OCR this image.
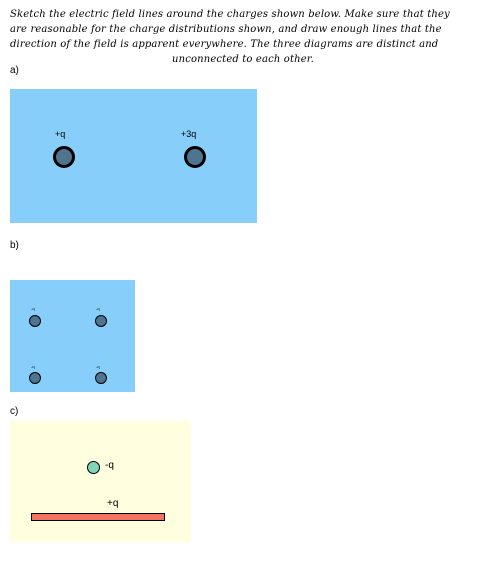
Sketch the electric field lines around the charges shown below. Make sure that they
are reasonable for the charge distributions shown, and draw enough lines that the
direction of the field is apparent everywhere. The three diagrams are distinct and
unconnected to each other.
a)
+q	+3q
b)
-q	-q
-q	-q
c)
-q
+q
